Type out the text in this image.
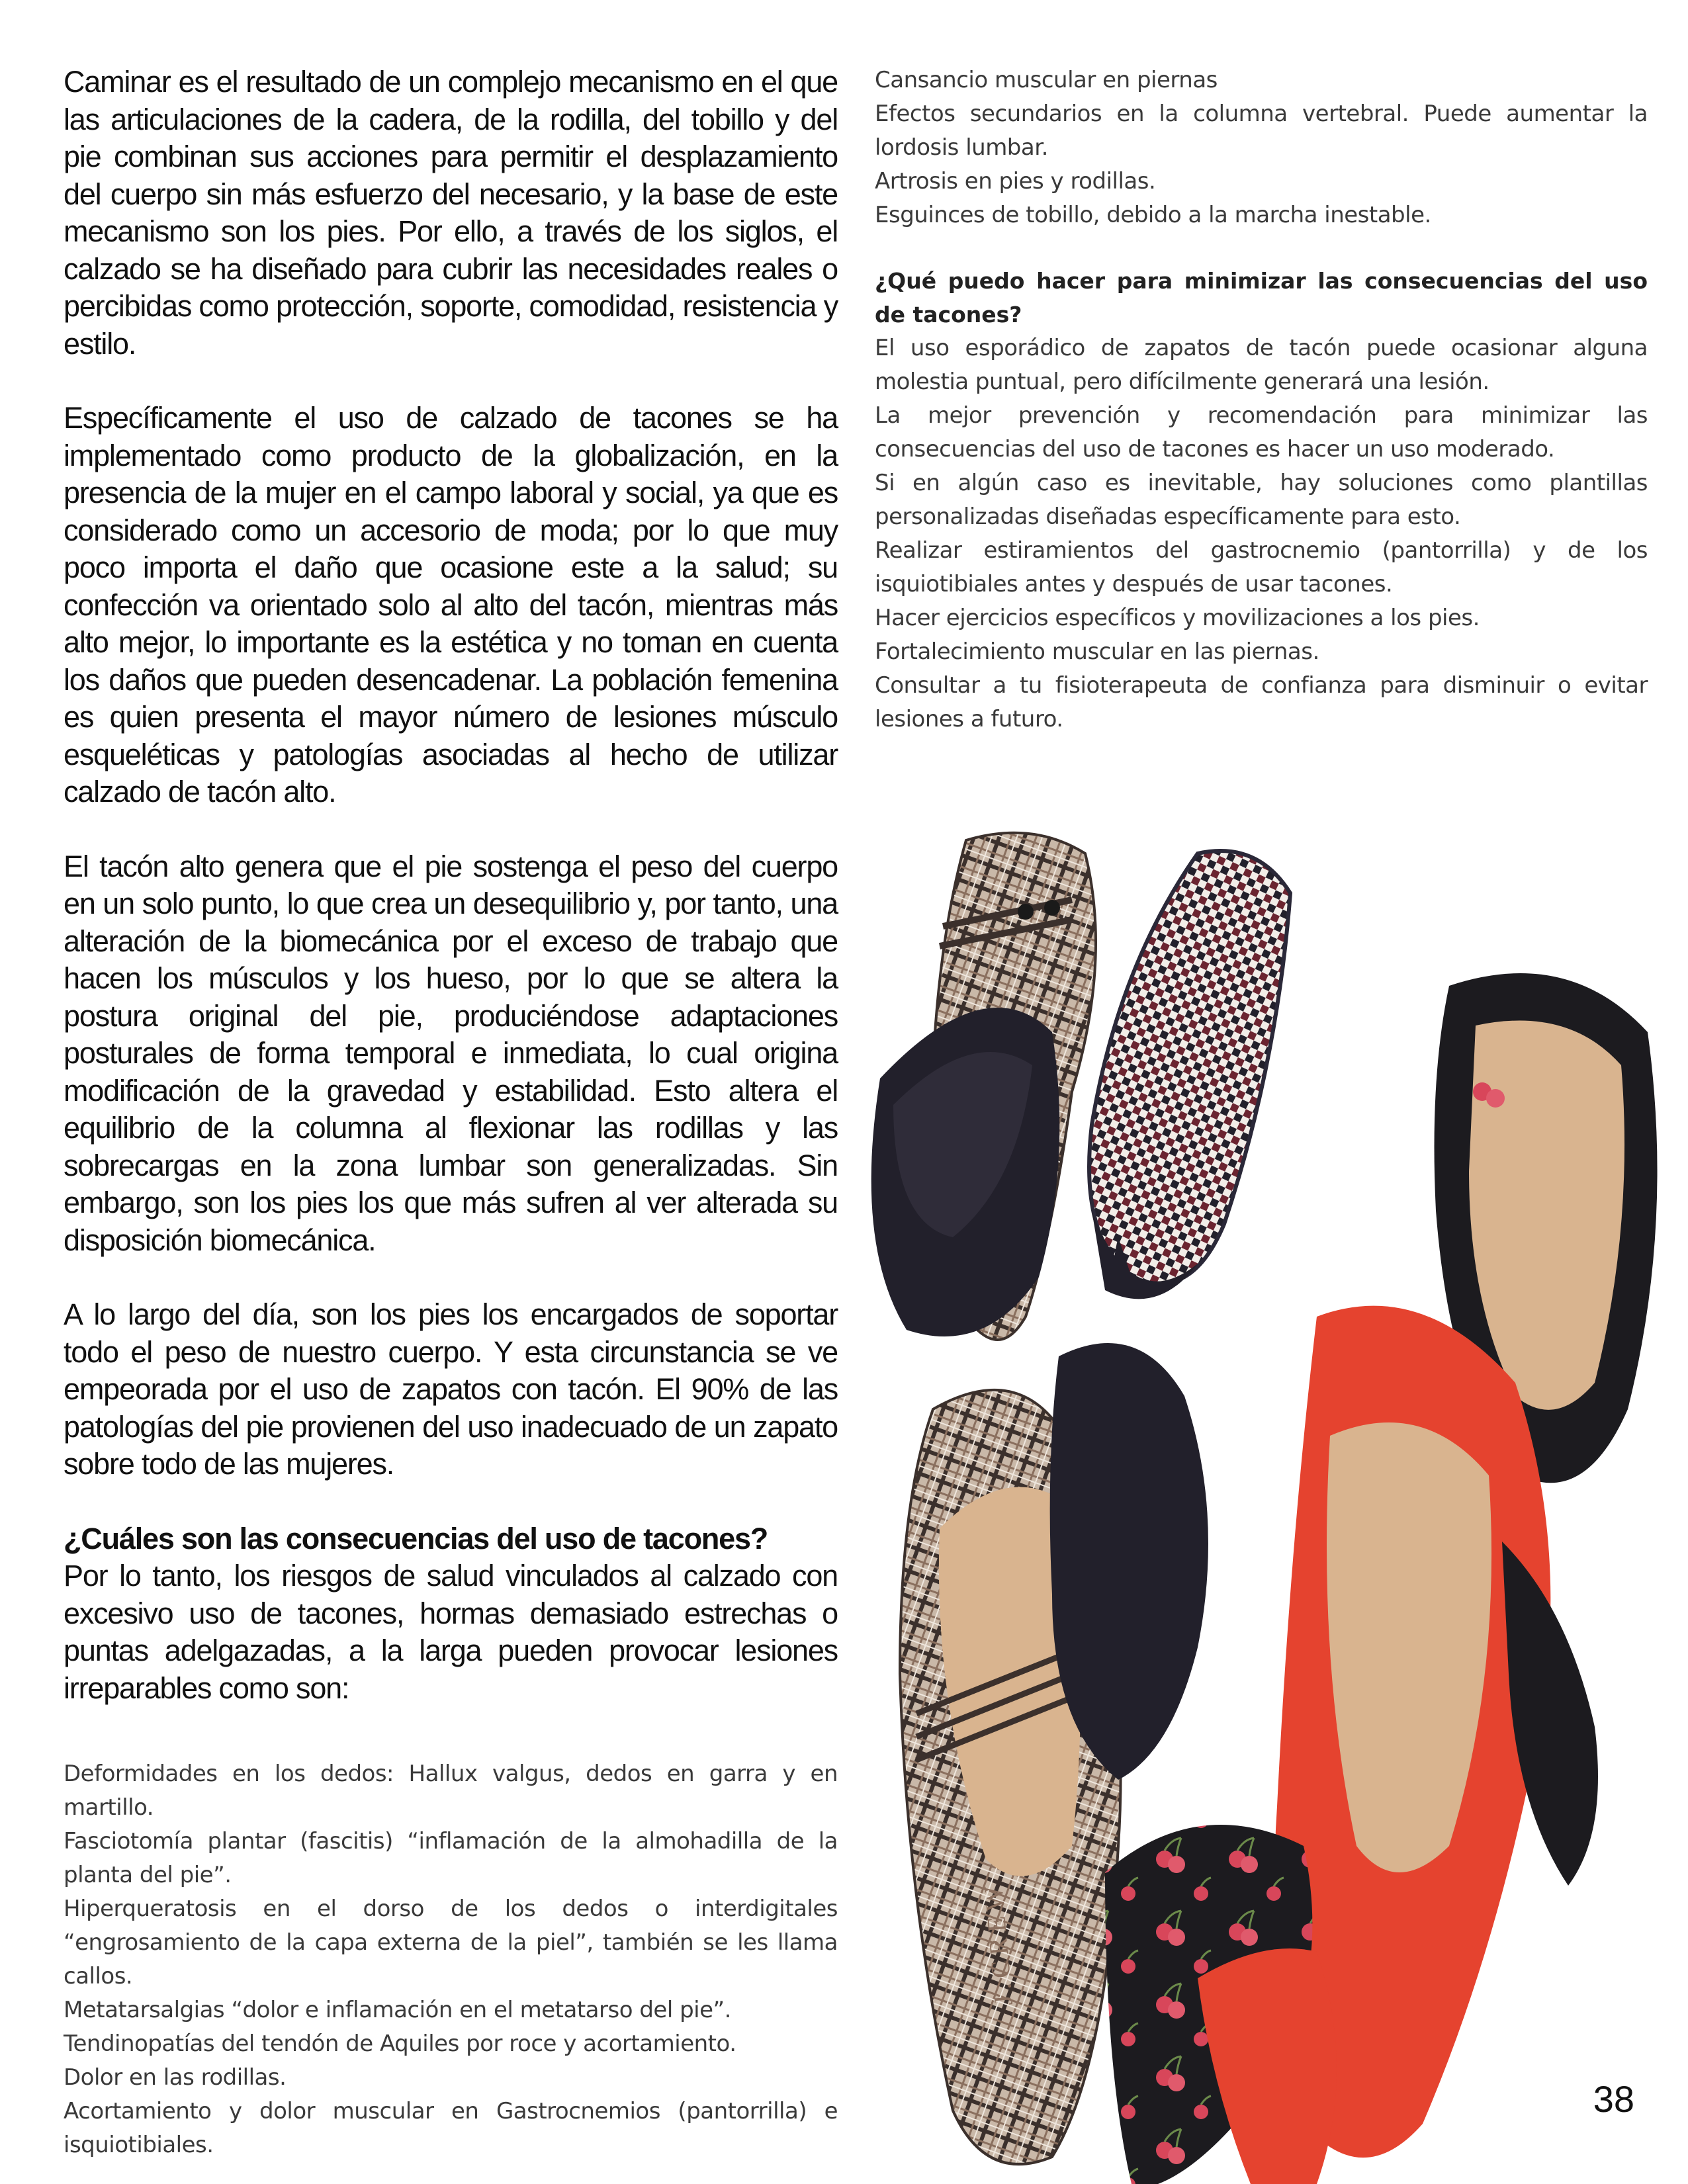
Caminar es el resultado de un complejo mecanismo en el que las articulaciones de la cadera, de la rodilla, del tobillo y del pie combinan sus acciones para permitir el desplazamiento del cuerpo sin más esfuerzo del necesario, y la base de este mecanismo son los pies. Por ello, a través de los siglos, el calzado se ha diseñado para cubrir las necesidades reales o percibidas como protección, soporte, comodidad, resistencia y estilo.

Específicamente el uso de calzado de tacones se ha implementado como producto de la globalización, en la presencia de la mujer en el campo laboral y social, ya que es considerado como un accesorio de moda; por lo que muy poco importa el daño que ocasione este a la salud; su confección va orientado solo al alto del tacón, mientras más alto mejor, lo importante es la estética y no toman en cuenta los daños que pueden desencadenar. La población femenina es quien presenta el mayor número de lesiones músculo esqueléticas y patologías asociadas al hecho de utilizar calzado de tacón alto.

El tacón alto genera que el pie sostenga el peso del cuerpo en un solo punto, lo que crea un desequilibrio y, por tanto, una alteración de la biomecánica por el exceso de trabajo que hacen los músculos y los hueso, por lo que se altera la postura original del pie, produciéndose adaptaciones posturales de forma temporal e inmediata, lo cual origina modificación de la gravedad y estabilidad. Esto altera el equilibrio de la columna al flexionar las rodillas y las sobrecargas en la zona lumbar son generalizadas. Sin embargo, son los pies los que más sufren al ver alterada su disposición biomecánica.

A lo largo del día, son los pies los encargados de soportar todo el peso de nuestro cuerpo. Y esta circunstancia se ve empeorada por el uso de zapatos con tacón. El 90% de las patologías del pie provienen del uso inadecuado de un zapato sobre todo de las mujeres.

¿Cuáles son las consecuencias del uso de tacones?

Por lo tanto, los riesgos de salud vinculados al calzado con excesivo uso de tacones, hormas demasiado estrechas o puntas adelgazadas, a la larga pueden provocar lesiones irreparables como son:

Deformidades en los dedos: Hallux valgus, dedos en garra y en martillo.
Fasciotomía plantar (fascitis) “inflamación de la almohadilla de la planta del pie”.
Hiperqueratosis en el dorso de los dedos o interdigitales “engrosamiento de la capa externa de la piel”, también se les llama callos.
Metatarsalgias “dolor e inflamación en el metatarso del pie”.
Tendinopatías del tendón de Aquiles por roce y acortamiento.
Dolor en las rodillas.
Acortamiento y dolor muscular en Gastrocnemios (pantorrilla) e isquiotibiales.
Cansancio muscular en piernas
Efectos secundarios en la columna vertebral. Puede aumentar la lordosis lumbar.
Artrosis en pies y rodillas.
Esguinces de tobillo, debido a la marcha inestable.
¿Qué puedo hacer para minimizar las consecuencias del uso de tacones?
El uso esporádico de zapatos de tacón puede ocasionar alguna molestia puntual, pero difícilmente generará una lesión.
La mejor prevención y recomendación para minimizar las consecuencias del uso de tacones es hacer un uso moderado.
Si en algún caso es inevitable, hay soluciones como plantillas personalizadas diseñadas específicamente para esto.
Realizar estiramientos del gastrocnemio (pantorrilla) y de los isquiotibiales antes y después de usar tacones.
Hacer ejercicios específicos y movilizaciones a los pies.
Fortalecimiento muscular en las piernas.
Consultar a tu fisioterapeuta de confianza para disminuir o evitar lesiones a futuro.
J.CREW
38
